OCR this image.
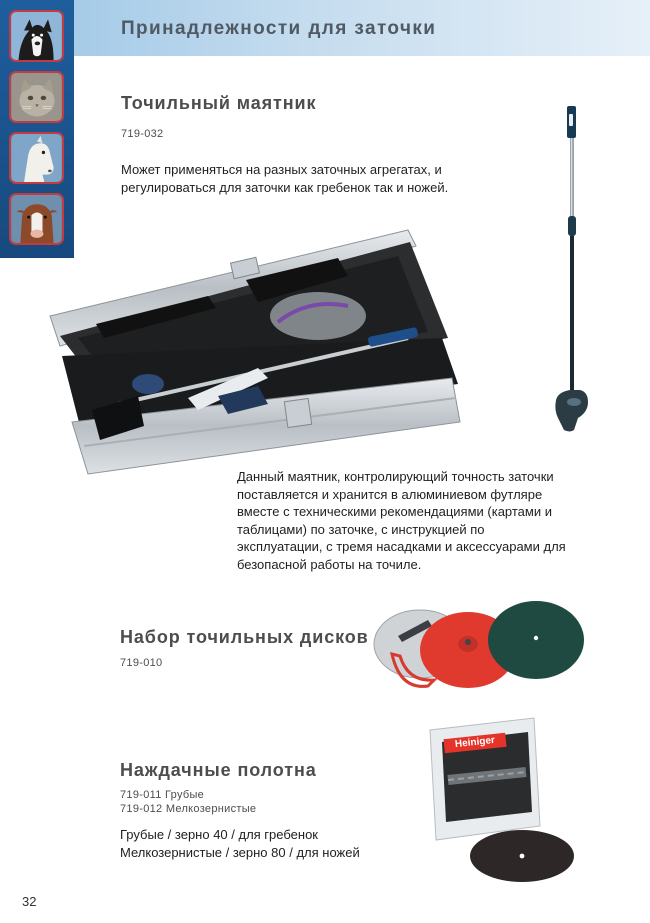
Принадлежности для заточки
Точильный маятник
719-032
Может применяться на разных заточных агрегатах, и
регулироваться для заточки как гребенок так и ножей.
Данный маятник, контролирующий точность заточки
поставляется и хранится в алюминиевом футляре
вместе с техническими рекомендациями (картами и
таблицами) по заточке, с инструкцией по
эксплуатации, с тремя насадками и аксессуарами для
безопасной работы на точиле.
Набор точильных дисков
719-010
Наждачные полотна
719-011 Грубые
719-012 Мелкозернистые
Грубые / зерно 40 / для гребенок
Мелкозернистые / зерно 80 / для ножей
Heiniger
32
